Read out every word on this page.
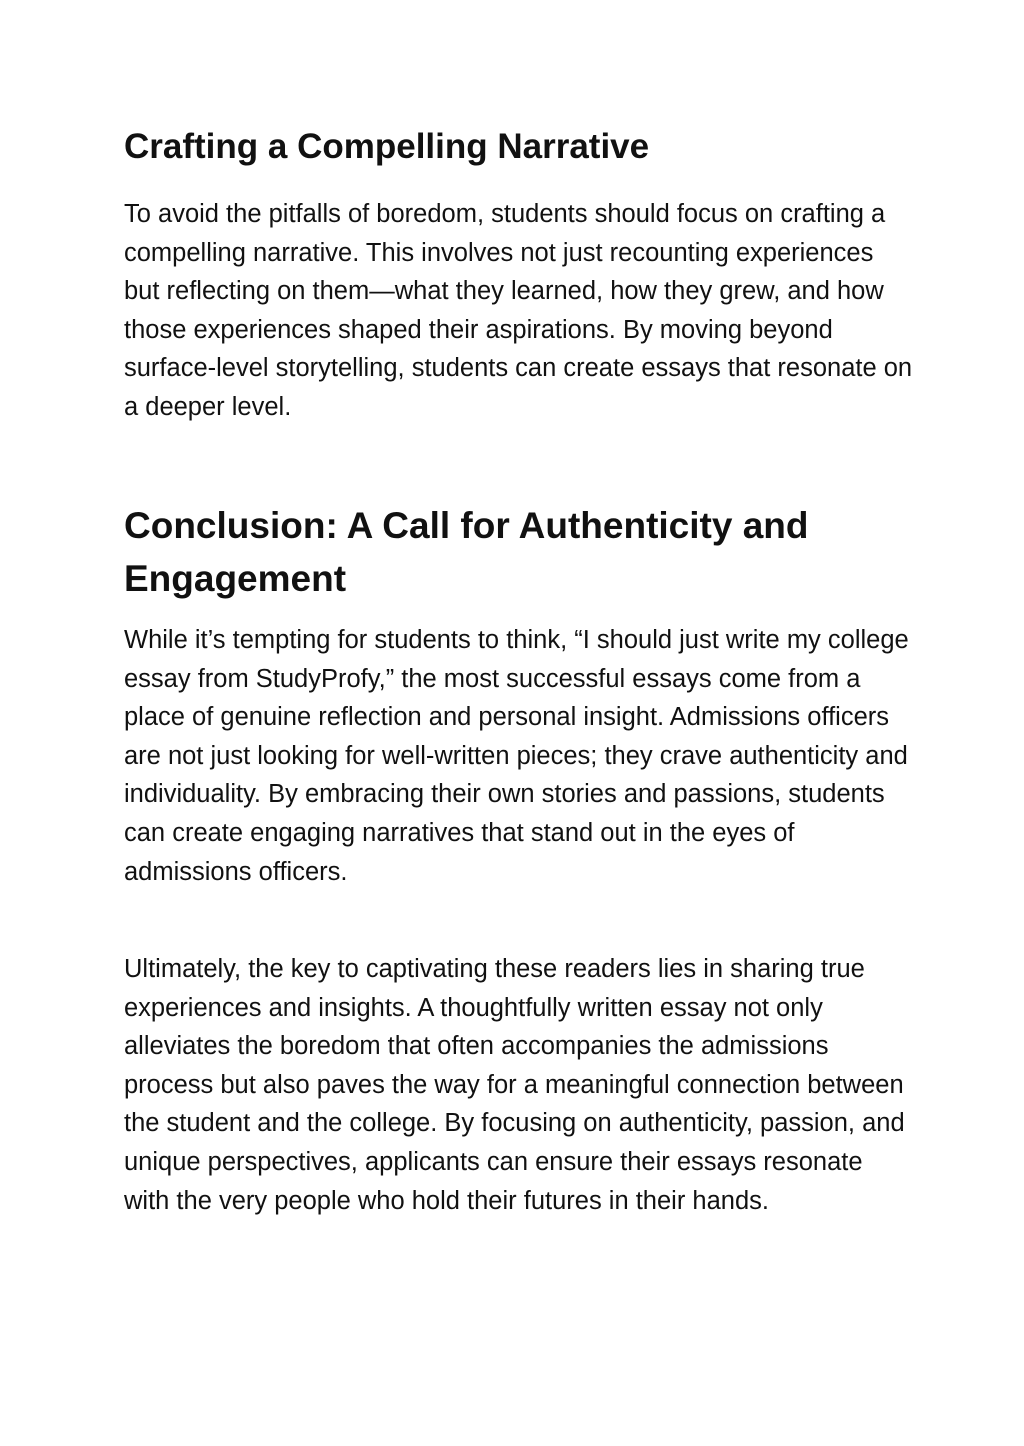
Crafting a Compelling Narrative

To avoid the pitfalls of boredom, students should focus on crafting a compelling narrative. This involves not just recounting experiences but reflecting on them—what they learned, how they grew, and how those experiences shaped their aspirations. By moving beyond surface-level storytelling, students can create essays that resonate on a deeper level.

Conclusion: A Call for Authenticity and Engagement

While it’s tempting for students to think, “I should just write my college essay from StudyProfy,” the most successful essays come from a place of genuine reflection and personal insight. Admissions officers are not just looking for well-written pieces; they crave authenticity and individuality. By embracing their own stories and passions, students can create engaging narratives that stand out in the eyes of admissions officers.

Ultimately, the key to captivating these readers lies in sharing true experiences and insights. A thoughtfully written essay not only alleviates the boredom that often accompanies the admissions process but also paves the way for a meaningful connection between the student and the college. By focusing on authenticity, passion, and unique perspectives, applicants can ensure their essays resonate with the very people who hold their futures in their hands.
